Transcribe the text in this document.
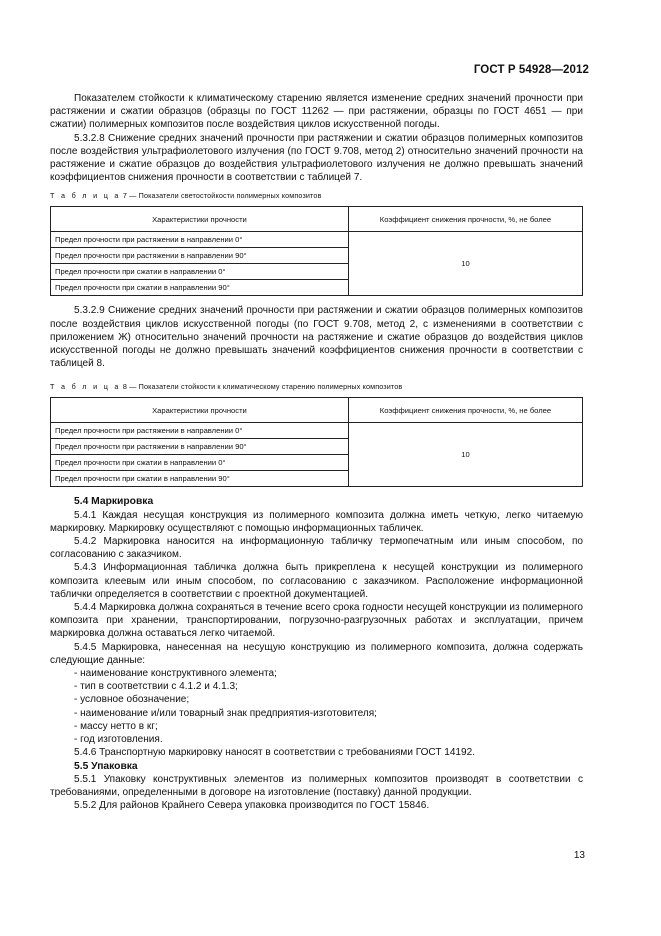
ГОСТ Р 54928—2012

Показателем стойкости к климатическому старению является изменение средних значений прочности при растяжении и сжатии образцов (образцы по ГОСТ 11262 — при растяжении, образцы по ГОСТ 4651 — при сжатии) полимерных композитов после воздействия циклов искусственной погоды.

5.3.2.8 Снижение средних значений прочности при растяжении и сжатии образцов полимерных композитов после воздействия ультрафиолетового излучения (по ГОСТ 9.708, метод 2) относительно значений прочности на растяжение и сжатие образцов до воздействия ультрафиолетового излучения не должно превышать значений коэффициентов снижения прочности в соответствии с таблицей 7.

Т а б л и ц а 7 — Показатели светостойкости полимерных композитов
Характеристики прочности	Коэффициент снижения прочности, %, не более
Предел прочности при растяжении в направлении 0°	10
Предел прочности при растяжении в направлении 90°	
Предел прочности при сжатии в направлении 0°	
Предел прочности при сжатии в направлении 90°	

5.3.2.9 Снижение средних значений прочности при растяжении и сжатии образцов полимерных композитов после воздействия циклов искусственной погоды (по ГОСТ 9.708, метод 2, с изменениями в соответствии с приложением Ж) относительно значений прочности на растяжение и сжатие образцов до воздействия циклов искусственной погоды не должно превышать значений коэффициентов снижения прочности в соответствии с таблицей 8.

Т а б л и ц а 8 — Показатели стойкости к климатическому старению полимерных композитов
Характеристики прочности	Коэффициент снижения прочности, %, не более
Предел прочности при растяжении в направлении 0°	10
Предел прочности при растяжении в направлении 90°	
Предел прочности при сжатии в направлении 0°	
Предел прочности при сжатии в направлении 90°	

5.4 Маркировка

5.4.1 Каждая несущая конструкция из полимерного композита должна иметь четкую, легко читаемую маркировку. Маркировку осуществляют с помощью информационных табличек.

5.4.2 Маркировка наносится на информационную табличку термопечатным или иным способом, по согласованию с заказчиком.

5.4.3 Информационная табличка должна быть прикреплена к несущей конструкции из полимерного композита клеевым или иным способом, по согласованию с заказчиком. Расположение информационной таблички определяется в соответствии с проектной документацией.

5.4.4 Маркировка должна сохраняться в течение всего срока годности несущей конструкции из полимерного композита при хранении, транспортировании, погрузочно-разгрузочных работах и эксплуатации, причем маркировка должна оставаться легко читаемой.

5.4.5 Маркировка, нанесенная на несущую конструкцию из полимерного композита, должна содержать следующие данные:

- наименование конструктивного элемента;

- тип в соответствии с 4.1.2 и 4.1.3;

- условное обозначение;

- наименование и/или товарный знак предприятия-изготовителя;

- массу нетто в кг;

- год изготовления.

5.4.6 Транспортную маркировку наносят в соответствии с требованиями ГОСТ 14192.

5.5 Упаковка

5.5.1 Упаковку конструктивных элементов из полимерных композитов производят в соответствии с требованиями, определенными в договоре на изготовление (поставку) данной продукции.

5.5.2 Для районов Крайнего Севера упаковка производится по ГОСТ 15846.

13
